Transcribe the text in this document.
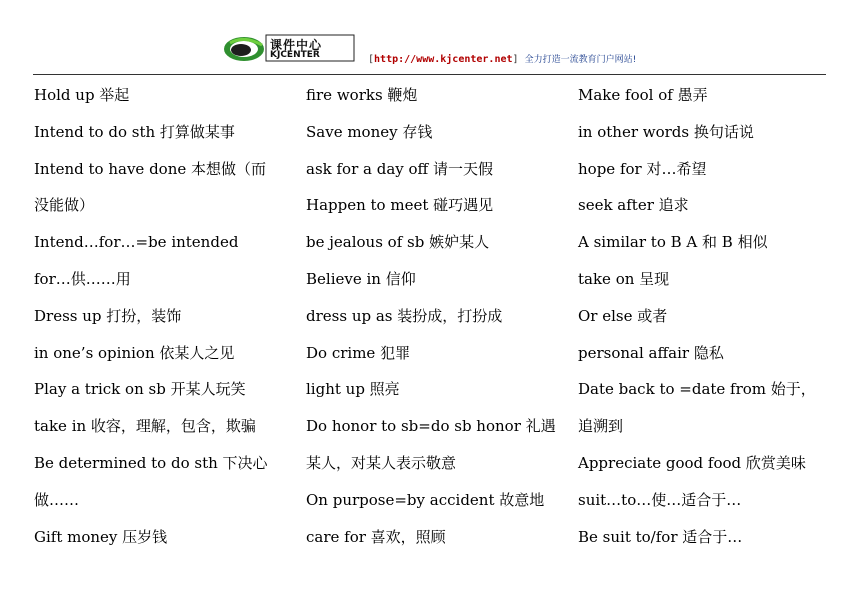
课件中心
KJCENTER	[http://www.kjcenter.net] 全力打造一流教育门户网站!
Hold up 举起
Intend to do sth 打算做某事
Intend to have done 本想做（而
没能做）
Intend…for…=be intended
for…供……用
Dress up 打扮，装饰
in one’s opinion 依某人之见
Play a trick on sb 开某人玩笑
take in 收容，理解，包含，欺骗
Be determined to do sth 下决心
做……
Gift money 压岁钱
fire works 鞭炮
Save money 存钱
ask for a day off 请一天假
Happen to meet 碰巧遇见
be jealous of sb 嫉妒某人
Believe in 信仰
dress up as 装扮成，打扮成
Do crime 犯罪
light up 照亮
Do honor to sb=do sb honor 礼遇
某人，对某人表示敬意
On purpose=by accident 故意地
care for 喜欢，照顾
Make fool of 愚弄
in other words 换句话说
hope for 对…希望
seek after 追求
A similar to B A 和 B 相似
take on 呈现
Or else 或者
personal affair 隐私
Date back to =date from 始于，
追溯到
Appreciate good food 欣赏美味
suit…to…使…适合于…
Be suit to/for 适合于…
